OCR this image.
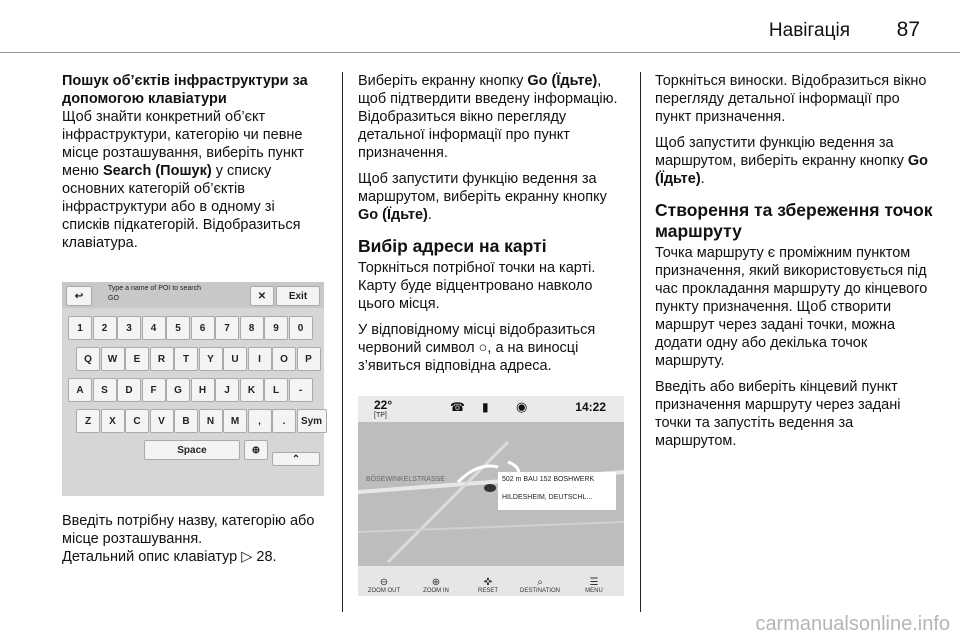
Навігація 87
Пошук об’єктів інфраструктури за допомогою клавіатури

Щоб знайти конкретний об’єкт інфраструктури, категорію чи певне місце розташування, виберіть пункт меню Search (Пошук) у списку основних категорій об’єктів інфраструктури або в одному зі списків підкатегорій. Відобразиться клавіатура.

↩
Type a name of POI to search
GO	✕	Exit
1	2	3	4	5	6	7	8	9	0
Q	W	E	R	T	Y	U	I	O	P
A	S	D	F	G	H	J	K	L	-
Z	X	C	V	B	N	M	,	.	Sym
Space	⊕
⌃

Введіть потрібну назву, категорію або місце розташування.
Детальний опис клавіатур ▷ 28.

Виберіть екранну кнопку Go (Їдьте), щоб підтвердити введену інформацію. Відобразиться вікно перегляду детальної інформації про пункт призначення.

Щоб запустити функцію ведення за маршрутом, виберіть екранну кнопку Go (Їдьте).

Вибір адреси на карті

Торкніться потрібної точки на карті. Карту буде відцентровано навколо цього місця.

У відповідному місці відобразиться червоний символ ○, а на виносці з’явиться відповідна адреса.

22°
[TP]
☎ ▮ ◉	14:22
BÖSEWINKELSTRASSE	502 m BAU 152 BOSHWERK
HILDESHEIM, DEUTSCHL...
⊖
ZOOM OUT
⊕
ZOOM IN
✜
RESET
⌕
DESTINATION
☰
MENU

Торкніться виноски. Відобразиться вікно перегляду детальної інформації про пункт призначення.

Щоб запустити функцію ведення за маршрутом, виберіть екранну кнопку Go (Їдьте).

Створення та збереження точок маршруту

Точка маршруту є проміжним пунктом призначення, який використовується під час прокладання маршруту до кінцевого пункту призначення. Щоб створити маршрут через задані точки, можна додати одну або декілька точок маршруту.

Введіть або виберіть кінцевий пункт призначення маршруту через задані точки та запустіть ведення за маршрутом.

carmanualsonline.info
